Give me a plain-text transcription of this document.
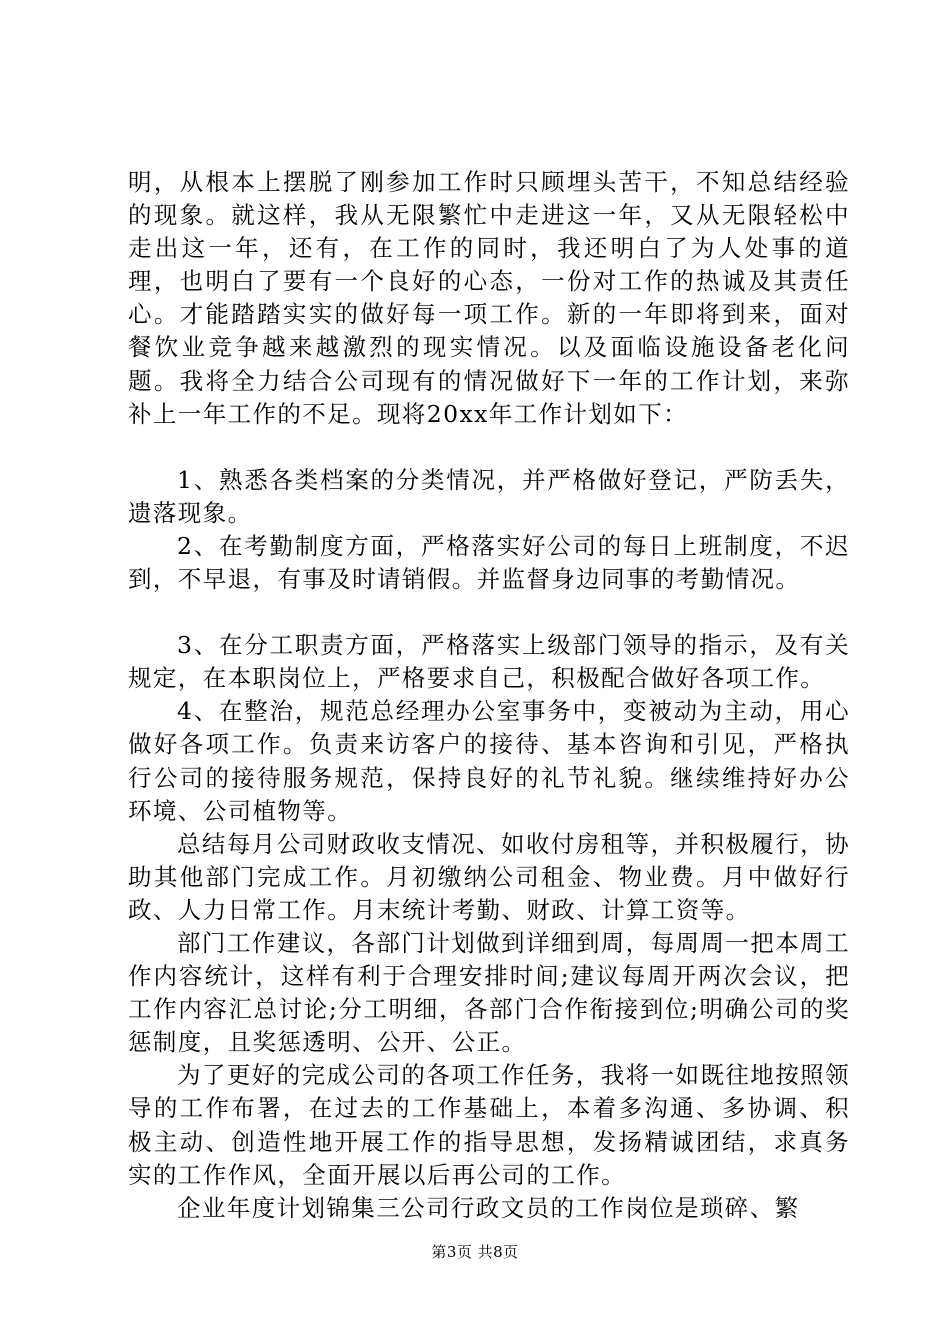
明，从根本上摆脱了刚参加工作时只顾埋头苦干，不知总结经验的现象。就这样，我从无限繁忙中走进这一年，又从无限轻松中走出这一年，还有，在工作的同时，我还明白了为人处事的道理，也明白了要有一个良好的心态，一份对工作的热诚及其责任心。才能踏踏实实的做好每一项工作。新的一年即将到来，面对餐饮业竞争越来越激烈的现实情况。以及面临设施设备老化问题。我将全力结合公司现有的情况做好下一年的工作计划，来弥补上一年工作的不足。现将20xx年工作计划如下：

1、熟悉各类档案的分类情况，并严格做好登记，严防丢失，遗落现象。

2、在考勤制度方面，严格落实好公司的每日上班制度，不迟到，不早退，有事及时请销假。并监督身边同事的考勤情况。

3、在分工职责方面，严格落实上级部门领导的指示，及有关规定，在本职岗位上，严格要求自己，积极配合做好各项工作。

4、在整治，规范总经理办公室事务中，变被动为主动，用心做好各项工作。负责来访客户的接待、基本咨询和引见，严格执行公司的接待服务规范，保持良好的礼节礼貌。继续维持好办公环境、公司植物等。

总结每月公司财政收支情况、如收付房租等，并积极履行，协助其他部门完成工作。月初缴纳公司租金、物业费。月中做好行政、人力日常工作。月末统计考勤、财政、计算工资等。

部门工作建议，各部门计划做到详细到周，每周周一把本周工作内容统计，这样有利于合理安排时间;建议每周开两次会议，把工作内容汇总讨论;分工明细，各部门合作衔接到位;明确公司的奖惩制度，且奖惩透明、公开、公正。

为了更好的完成公司的各项工作任务，我将一如既往地按照领导的工作布署，在过去的工作基础上，本着多沟通、多协调、积极主动、创造性地开展工作的指导思想，发扬精诚团结，求真务实的工作作风，全面开展以后再公司的工作。

企业年度计划锦集三公司行政文员的工作岗位是琐碎、繁

第3页 共8页
